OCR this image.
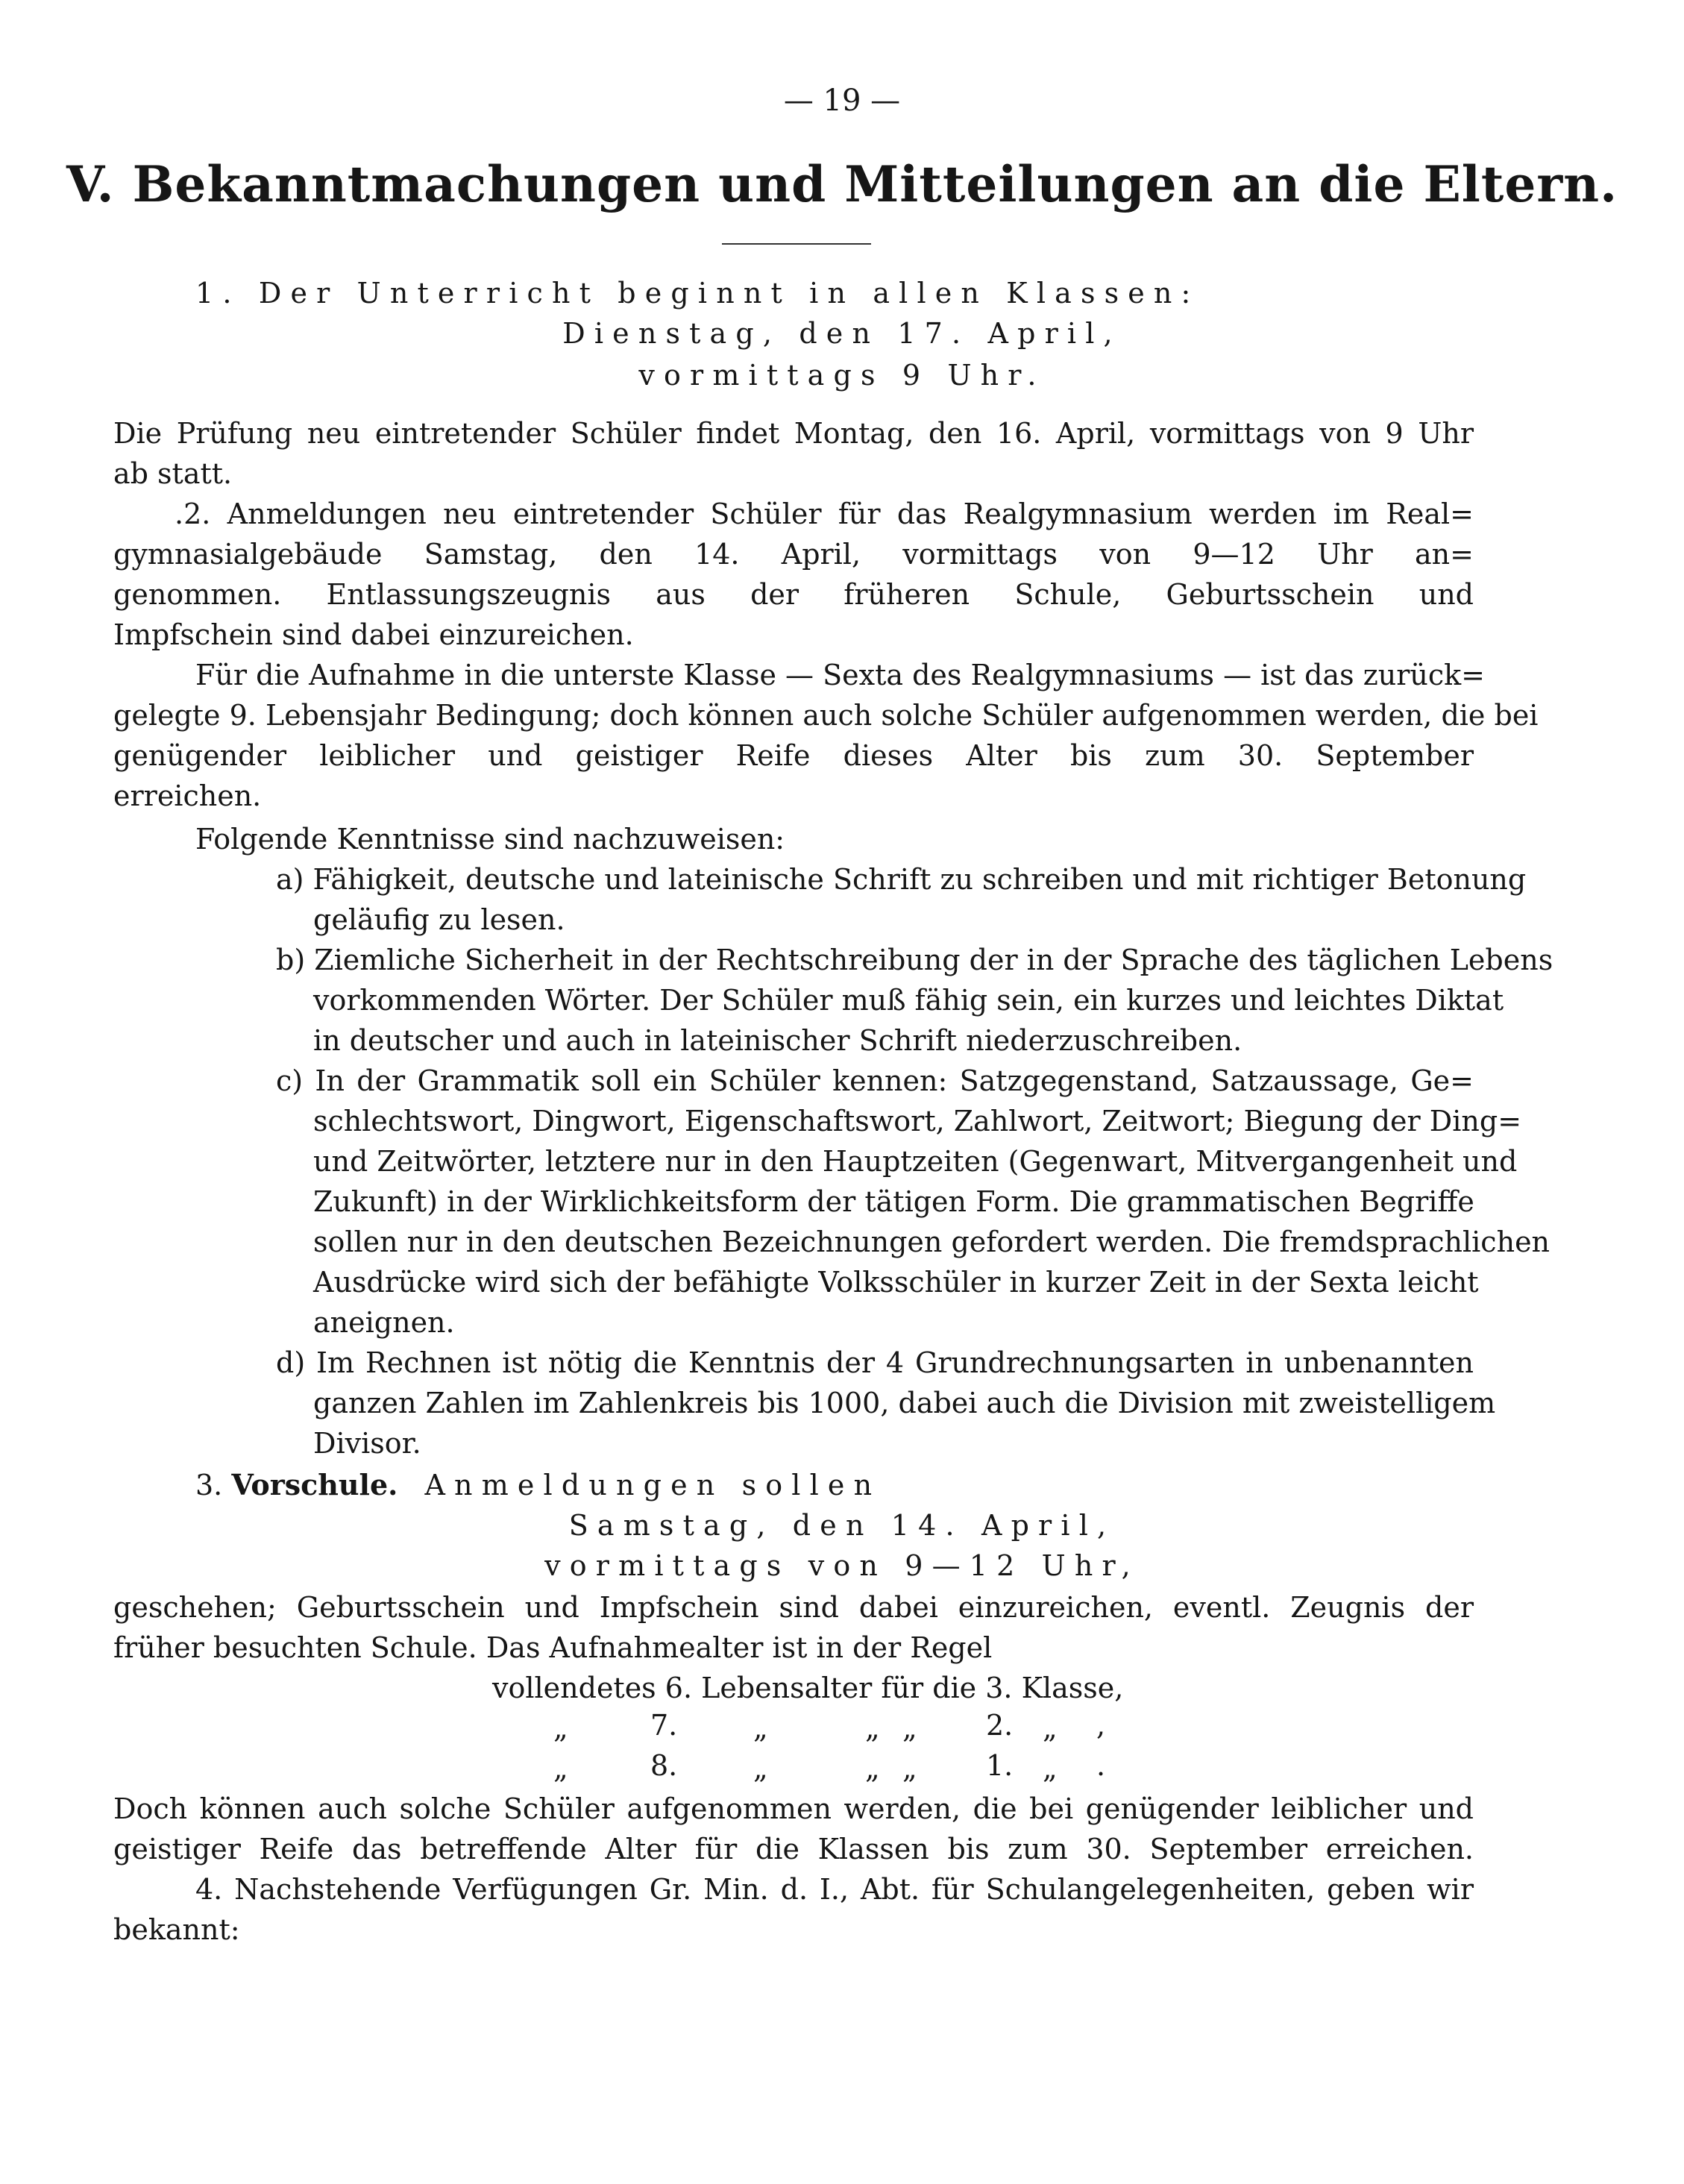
— 19 —
V. Bekanntmachungen und Mitteilungen an die Eltern.
1. Der Unterricht beginnt in allen Klassen:
Dienstag, den 17. April,
vormittags 9 Uhr.
Die Prüfung neu eintretender Schüler findet Montag, den 16. April, vormittags von 9 Uhr
ab statt.
.2. Anmeldungen neu eintretender Schüler für das Realgymnasium werden im Real=
gymnasialgebäude Samstag, den 14. April, vormittags von 9—12 Uhr an=
genommen. Entlassungszeugnis aus der früheren Schule, Geburtsschein und
Impfschein sind dabei einzureichen.
Für die Aufnahme in die unterste Klasse — Sexta des Realgymnasiums — ist das zurück=
gelegte 9. Lebensjahr Bedingung; doch können auch solche Schüler aufgenommen werden, die bei
genügender leiblicher und geistiger Reife dieses Alter bis zum 30. September
erreichen.
Folgende Kenntnisse sind nachzuweisen:
a) Fähigkeit, deutsche und lateinische Schrift zu schreiben und mit richtiger Betonung
geläufig zu lesen.
b) Ziemliche Sicherheit in der Rechtschreibung der in der Sprache des täglichen Lebens
vorkommenden Wörter. Der Schüler muß fähig sein, ein kurzes und leichtes Diktat
in deutscher und auch in lateinischer Schrift niederzuschreiben.
c) In der Grammatik soll ein Schüler kennen: Satzgegenstand, Satzaussage, Ge=
schlechtswort, Dingwort, Eigenschaftswort, Zahlwort, Zeitwort; Biegung der Ding=
und Zeitwörter, letztere nur in den Hauptzeiten (Gegenwart, Mitvergangenheit und
Zukunft) in der Wirklichkeitsform der tätigen Form. Die grammatischen Begriffe
sollen nur in den deutschen Bezeichnungen gefordert werden. Die fremdsprachlichen
Ausdrücke wird sich der befähigte Volksschüler in kurzer Zeit in der Sexta leicht
aneignen.
d) Im Rechnen ist nötig die Kenntnis der 4 Grundrechnungsarten in unbenannten
ganzen Zahlen im Zahlenkreis bis 1000, dabei auch die Division mit zweistelligem
Divisor.
3. Vorschule. Anmeldungen sollen
Samstag, den 14. April,
vormittags von 9—12 Uhr,
geschehen; Geburtsschein und Impfschein sind dabei einzureichen, eventl. Zeugnis der
früher besuchten Schule. Das Aufnahmealter ist in der Regel
vollendetes 6. Lebensalter für die 3. Klasse,
„	7.	„	„ „ 2. „ ,
„	8.	„	„ „ 1. „ .
Doch können auch solche Schüler aufgenommen werden, die bei genügender leiblicher und
geistiger Reife das betreffende Alter für die Klassen bis zum 30. September erreichen.
4. Nachstehende Verfügungen Gr. Min. d. I., Abt. für Schulangelegenheiten, geben wir
bekannt:
